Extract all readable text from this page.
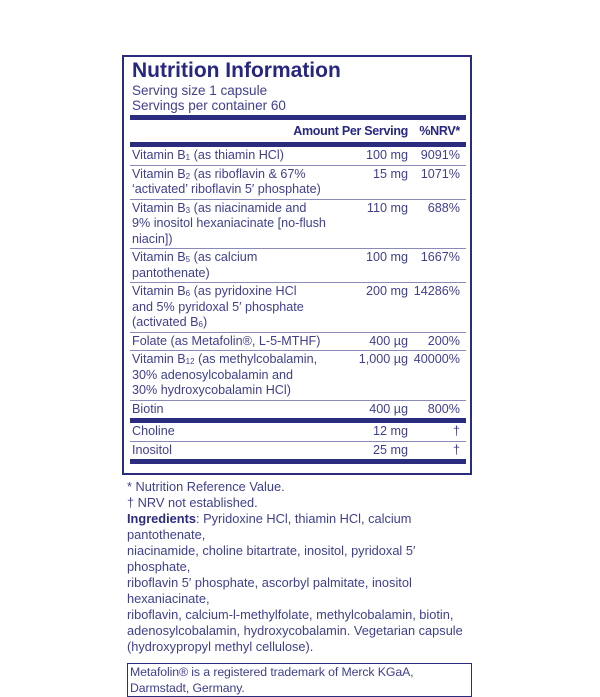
Nutrition Information
Serving size 1 capsule
Servings per container 60
Amount Per Serving %NRV*
Vitamin $B_1$ (as thiamin HCl)	100 mg	9091%
Vitamin $B_2$ (as riboflavin & 67%
‘activated’ riboflavin 5′ phosphate)
15 mg	1071%
Vitamin $B_3$ (as niacinamide and
9% inositol hexaniacinate [no-flush niacin])
110 mg	688%
Vitamin $B_5$ (as calcium pantothenate)
100 mg	1667%
Vitamin $B_6$ (as pyridoxine HCl
and 5% pyridoxal 5′ phosphate (activated $B_6$)
200 mg 14286%
Folate (as Metafolin®, L-5-MTHF)	400 µg	200%
Vitamin $B_{12}$ (as methylcobalamin,
30% adenosylcobalamin and
30% hydroxycobalamin HCl)
1,000 µg 40000%
Biotin	400 µg	800%
Choline	12 mg	†
Inositol	25 mg	†
* Nutrition Reference Value.
† NRV not established.
Ingredients: Pyridoxine HCl, thiamin HCl, calcium pantothenate,
niacinamide, choline bitartrate, inositol, pyridoxal 5′ phosphate,
riboflavin 5′ phosphate, ascorbyl palmitate, inositol hexaniacinate,
riboflavin, calcium-l-methylfolate, methylcobalamin, biotin,
adenosylcobalamin, hydroxycobalamin. Vegetarian capsule
(hydroxypropyl methyl cellulose).
Metafolin® is a registered trademark of Merck KGaA, Darmstadt, Germany.
